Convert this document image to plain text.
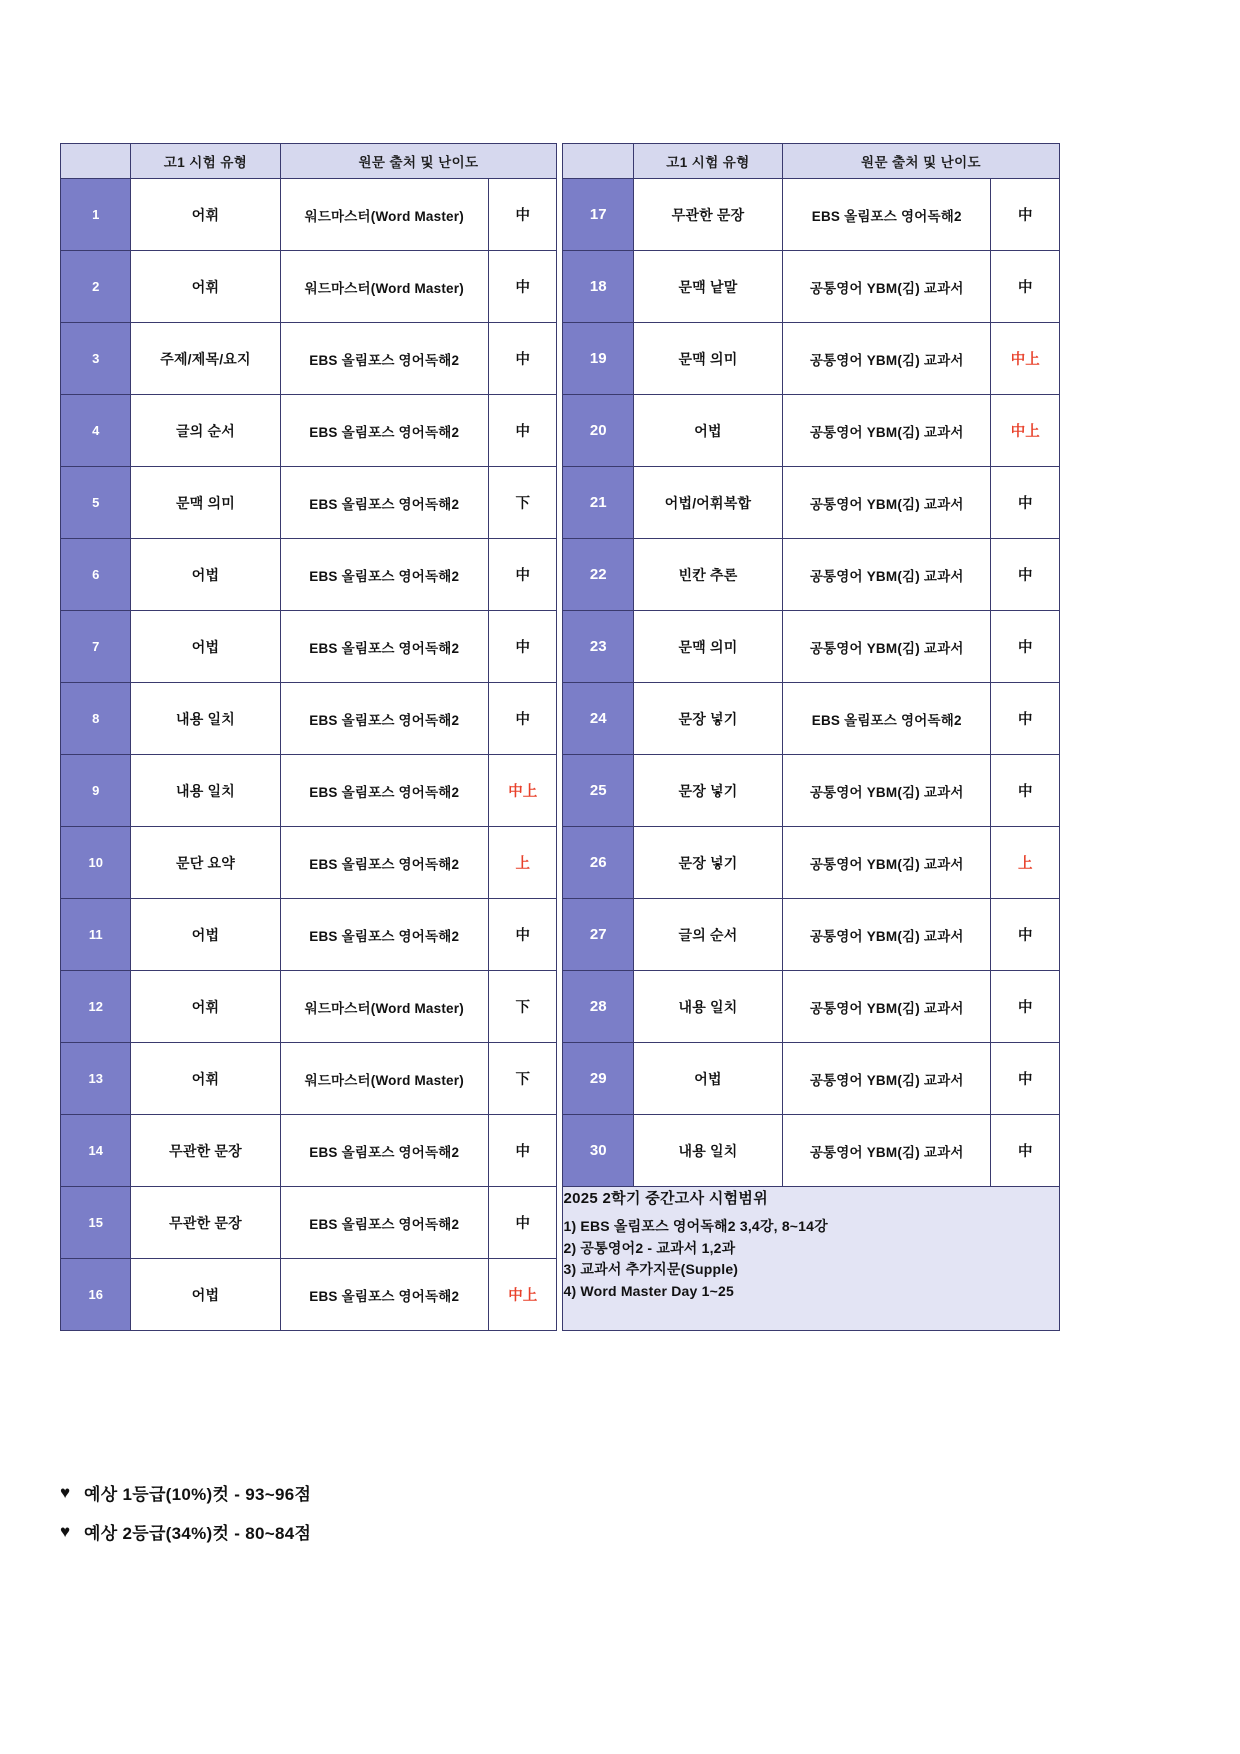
	고1 시험 유형	원문 출처 및 난이도				고1 시험 유형	원문 출처 및 난이도	
1	어휘	워드마스터(Word Master)	中		17	무관한 문장	EBS 올림포스 영어독해2	中
2	어휘	워드마스터(Word Master)	中		18	문맥 낱말	공통영어 YBM(김) 교과서	中
3	주제/제목/요지	EBS 올림포스 영어독해2	中		19	문맥 의미	공통영어 YBM(김) 교과서	中上
4	글의 순서	EBS 올림포스 영어독해2	中		20	어법	공통영어 YBM(김) 교과서	中上
5	문맥 의미	EBS 올림포스 영어독해2	下		21	어법/어휘복합	공통영어 YBM(김) 교과서	中
6	어법	EBS 올림포스 영어독해2	中		22	빈칸 추론	공통영어 YBM(김) 교과서	中
7	어법	EBS 올림포스 영어독해2	中		23	문맥 의미	공통영어 YBM(김) 교과서	中
8	내용 일치	EBS 올림포스 영어독해2	中		24	문장 넣기	EBS 올림포스 영어독해2	中
9	내용 일치	EBS 올림포스 영어독해2	中上		25	문장 넣기	공통영어 YBM(김) 교과서	中
10	문단 요약	EBS 올림포스 영어독해2	上		26	문장 넣기	공통영어 YBM(김) 교과서	上
11	어법	EBS 올림포스 영어독해2	中		27	글의 순서	공통영어 YBM(김) 교과서	中
12	어휘	워드마스터(Word Master)	下		28	내용 일치	공통영어 YBM(김) 교과서	中
13	어휘	워드마스터(Word Master)	下		29	어법	공통영어 YBM(김) 교과서	中
14	무관한 문장	EBS 올림포스 영어독해2	中		30	내용 일치	공통영어 YBM(김) 교과서	中
15	무관한 문장	EBS 올림포스 영어독해2	中		2025 2학기 중간고사 시험범위
1) EBS 올림포스 영어독해2 3,4강, 8~14강
2) 공통영어2 - 교과서 1,2과
3) 교과서 추가지문(Supple)
4) Word Master Day 1~25			

16	어법	EBS 올림포스 영어독해2	中上					
♥ 예상 1등급(10%)컷 - 93~96점
♥ 예상 2등급(34%)컷 - 80~84점
